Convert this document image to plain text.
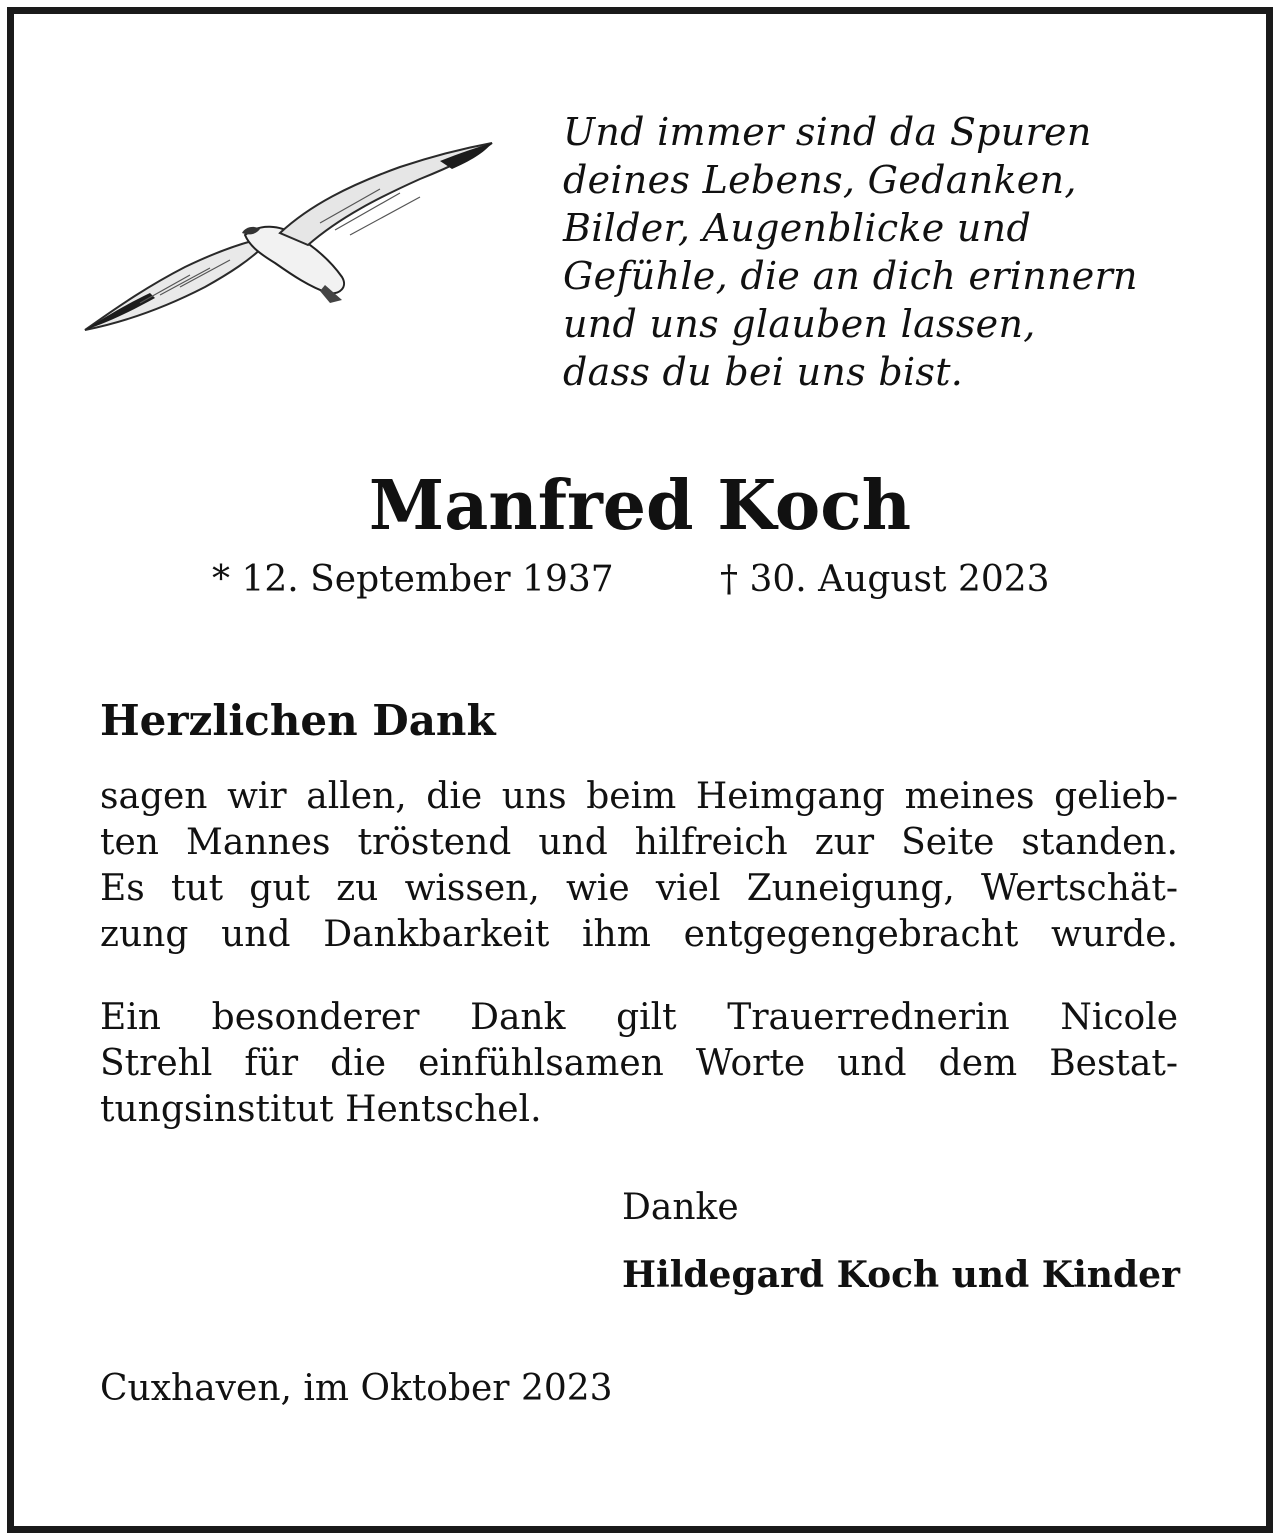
Und immer sind da Spuren
deines Lebens, Gedanken,
Bilder, Augenblicke und
Gefühle, die an dich erinnern
und uns glauben lassen,
dass du bei uns bist.
Manfred Koch
* 12. September 1937	† 30. August 2023
Herzlichen Dank
sagen wir allen, die uns beim Heimgang meines gelieb-
ten Mannes tröstend und hilfreich zur Seite standen.
Es tut gut zu wissen, wie viel Zuneigung, Wertschät-
zung und Dankbarkeit ihm entgegengebracht wurde.
Ein besonderer Dank gilt Trauerrednerin Nicole
Strehl für die einfühlsamen Worte und dem Bestat-
tungsinstitut Hentschel.
Danke
Hildegard Koch und Kinder
Cuxhaven, im Oktober 2023
